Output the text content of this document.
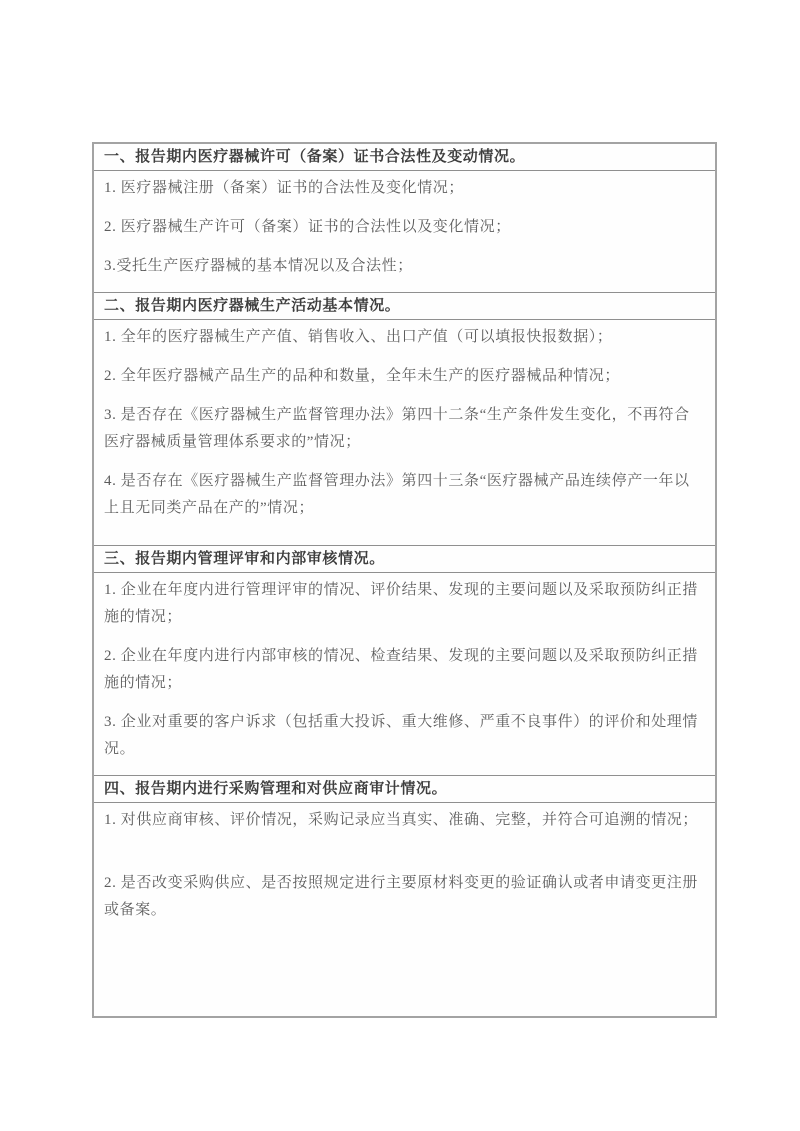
一、报告期内医疗器械许可（备案）证书合法性及变动情况。

1. 医疗器械注册（备案）证书的合法性及变化情况；

2. 医疗器械生产许可（备案）证书的合法性以及变化情况；

3.受托生产医疗器械的基本情况以及合法性；

二、报告期内医疗器械生产活动基本情况。

1. 全年的医疗器械生产产值、销售收入、出口产值（可以填报快报数据）；

2. 全年医疗器械产品生产的品种和数量，全年未生产的医疗器械品种情况；

3. 是否存在《医疗器械生产监督管理办法》第四十二条“生产条件发生变化，不再符合医疗器械质量管理体系要求的”情况；

4. 是否存在《医疗器械生产监督管理办法》第四十三条“医疗器械产品连续停产一年以上且无同类产品在产的”情况；

三、报告期内管理评审和内部审核情况。

1. 企业在年度内进行管理评审的情况、评价结果、发现的主要问题以及采取预防纠正措施的情况；

2. 企业在年度内进行内部审核的情况、检查结果、发现的主要问题以及采取预防纠正措施的情况；

3. 企业对重要的客户诉求（包括重大投诉、重大维修、严重不良事件）的评价和处理情况。

四、报告期内进行采购管理和对供应商审计情况。

1. 对供应商审核、评价情况，采购记录应当真实、准确、完整，并符合可追溯的情况；

2. 是否改变采购供应、是否按照规定进行主要原材料变更的验证确认或者申请变更注册或备案。
